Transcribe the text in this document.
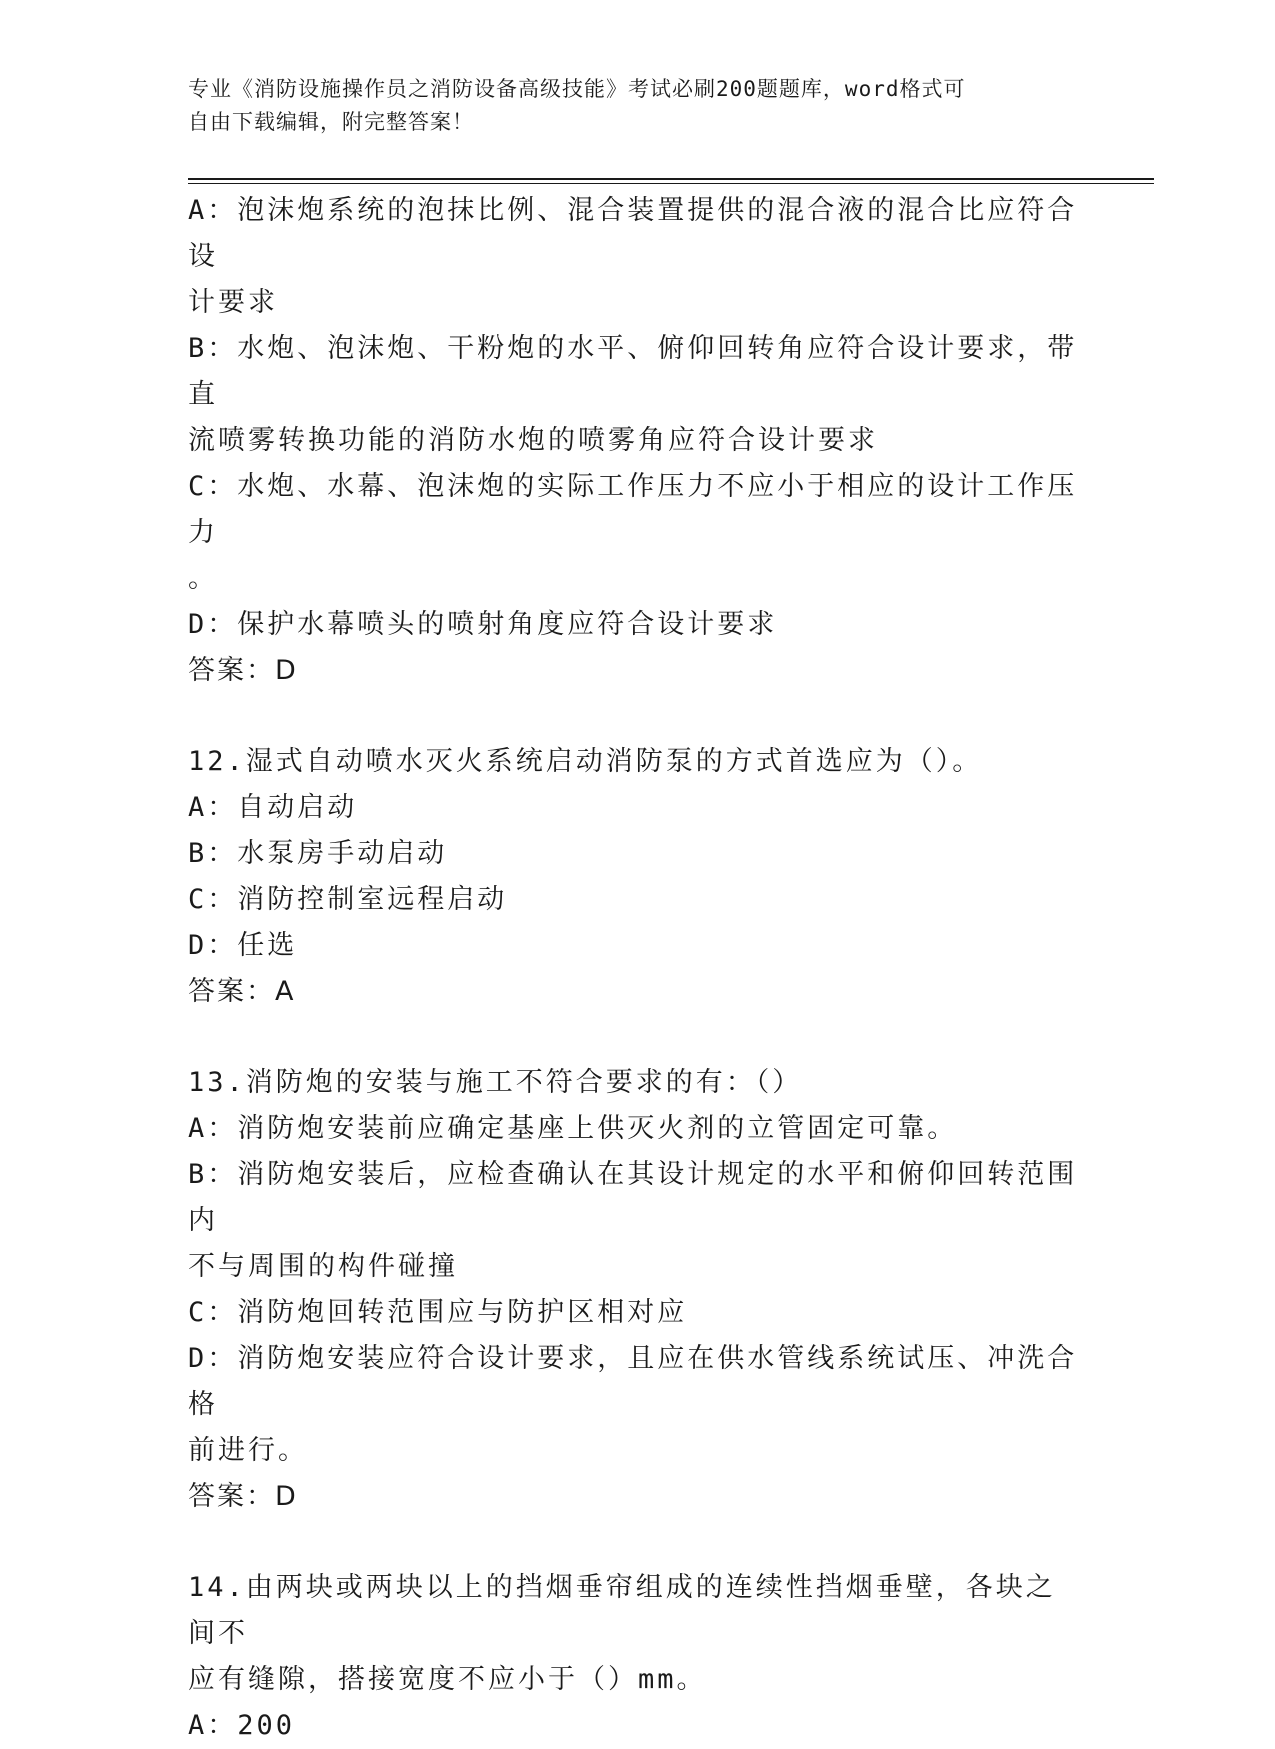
专业《消防设施操作员之消防设备高级技能》考试必刷200题题库，word格式可
自由下载编辑，附完整答案！
A：泡沫炮系统的泡抹比例、混合装置提供的混合液的混合比应符合设
计要求
B：水炮、泡沫炮、干粉炮的水平、俯仰回转角应符合设计要求，带直
流喷雾转换功能的消防水炮的喷雾角应符合设计要求
C：水炮、水幕、泡沫炮的实际工作压力不应小于相应的设计工作压力
。
D：保护水幕喷头的喷射角度应符合设计要求
答案：D
12.湿式自动喷水灭火系统启动消防泵的方式首选应为（）。
A：自动启动
B：水泵房手动启动
C：消防控制室远程启动
D：任选
答案：A
13.消防炮的安装与施工不符合要求的有：（）
A：消防炮安装前应确定基座上供灭火剂的立管固定可靠。
B：消防炮安装后，应检查确认在其设计规定的水平和俯仰回转范围内
不与周围的构件碰撞
C：消防炮回转范围应与防护区相对应
D：消防炮安装应符合设计要求，且应在供水管线系统试压、冲洗合格
前进行。
答案：D
14.由两块或两块以上的挡烟垂帘组成的连续性挡烟垂壁，各块之间不
应有缝隙，搭接宽度不应小于（）mm。
A：200
